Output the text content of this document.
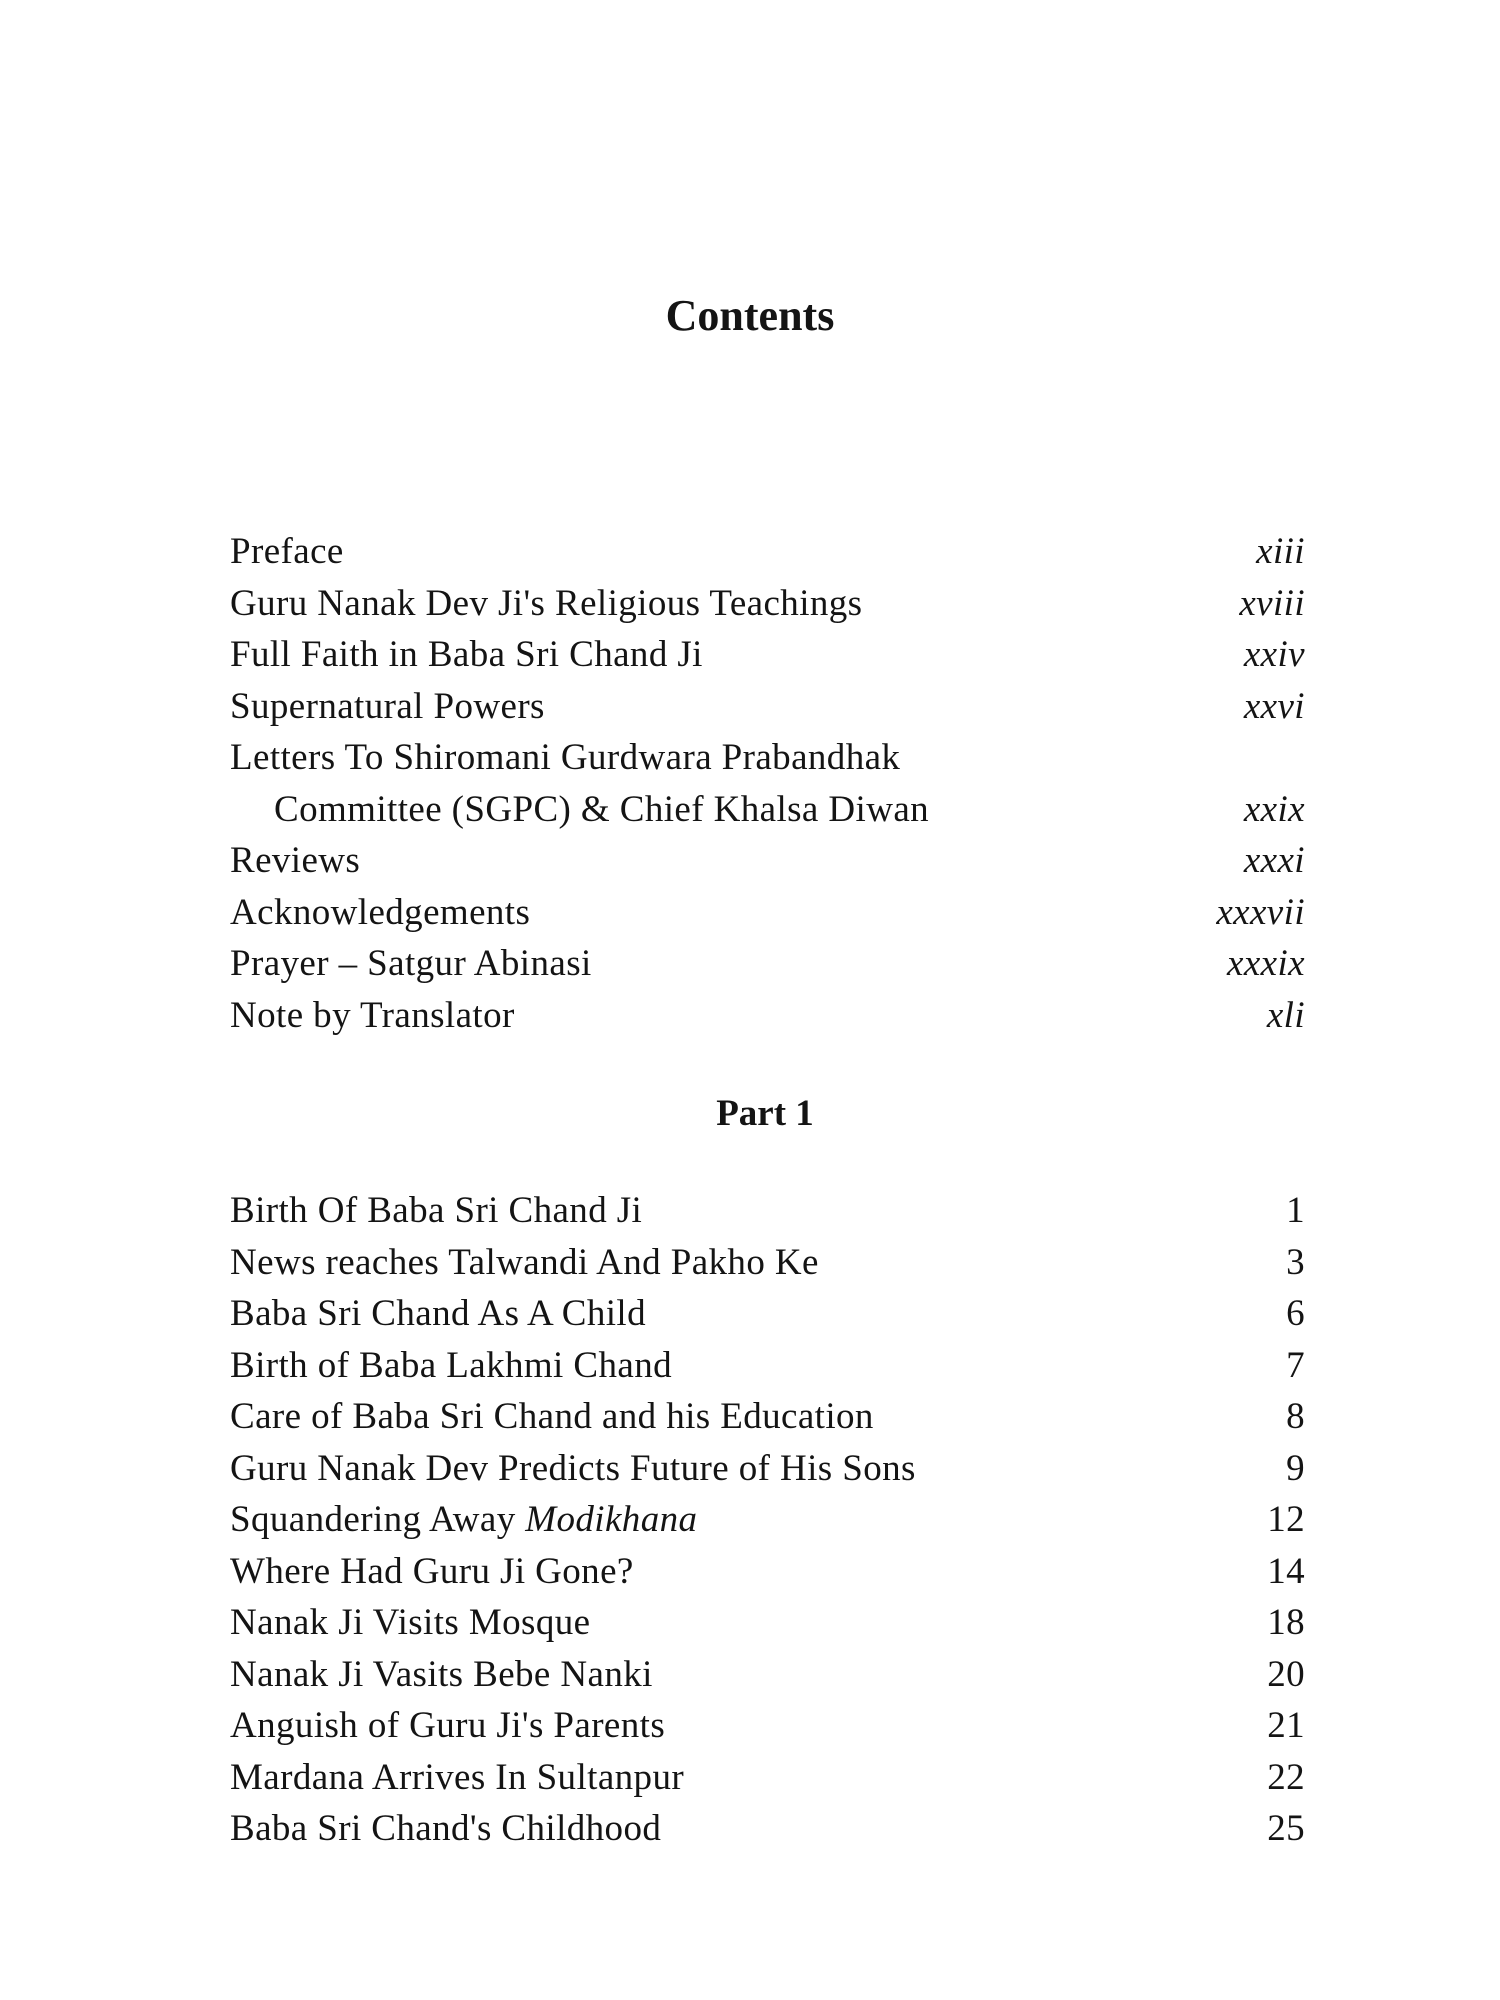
Contents
Preface	xiii
Guru Nanak Dev Ji's Religious Teachings	xviii
Full Faith in Baba Sri Chand Ji	xxiv
Supernatural Powers	xxvi
Letters To Shiromani Gurdwara Prabandhak
Committee (SGPC) & Chief Khalsa Diwan	xxix
Reviews	xxxi
Acknowledgements	xxxvii
Prayer – Satgur Abinasi	xxxix
Note by Translator	xli
Part 1
Birth Of Baba Sri Chand Ji	1
News reaches Talwandi And Pakho Ke	3
Baba Sri Chand As A Child	6
Birth of Baba Lakhmi Chand	7
Care of Baba Sri Chand and his Education	8
Guru Nanak Dev Predicts Future of His Sons	9
Squandering Away Modikhana	12
Where Had Guru Ji Gone?	14
Nanak Ji Visits Mosque	18
Nanak Ji Vasits Bebe Nanki	20
Anguish of Guru Ji's Parents	21
Mardana Arrives In Sultanpur	22
Baba Sri Chand's Childhood	25
